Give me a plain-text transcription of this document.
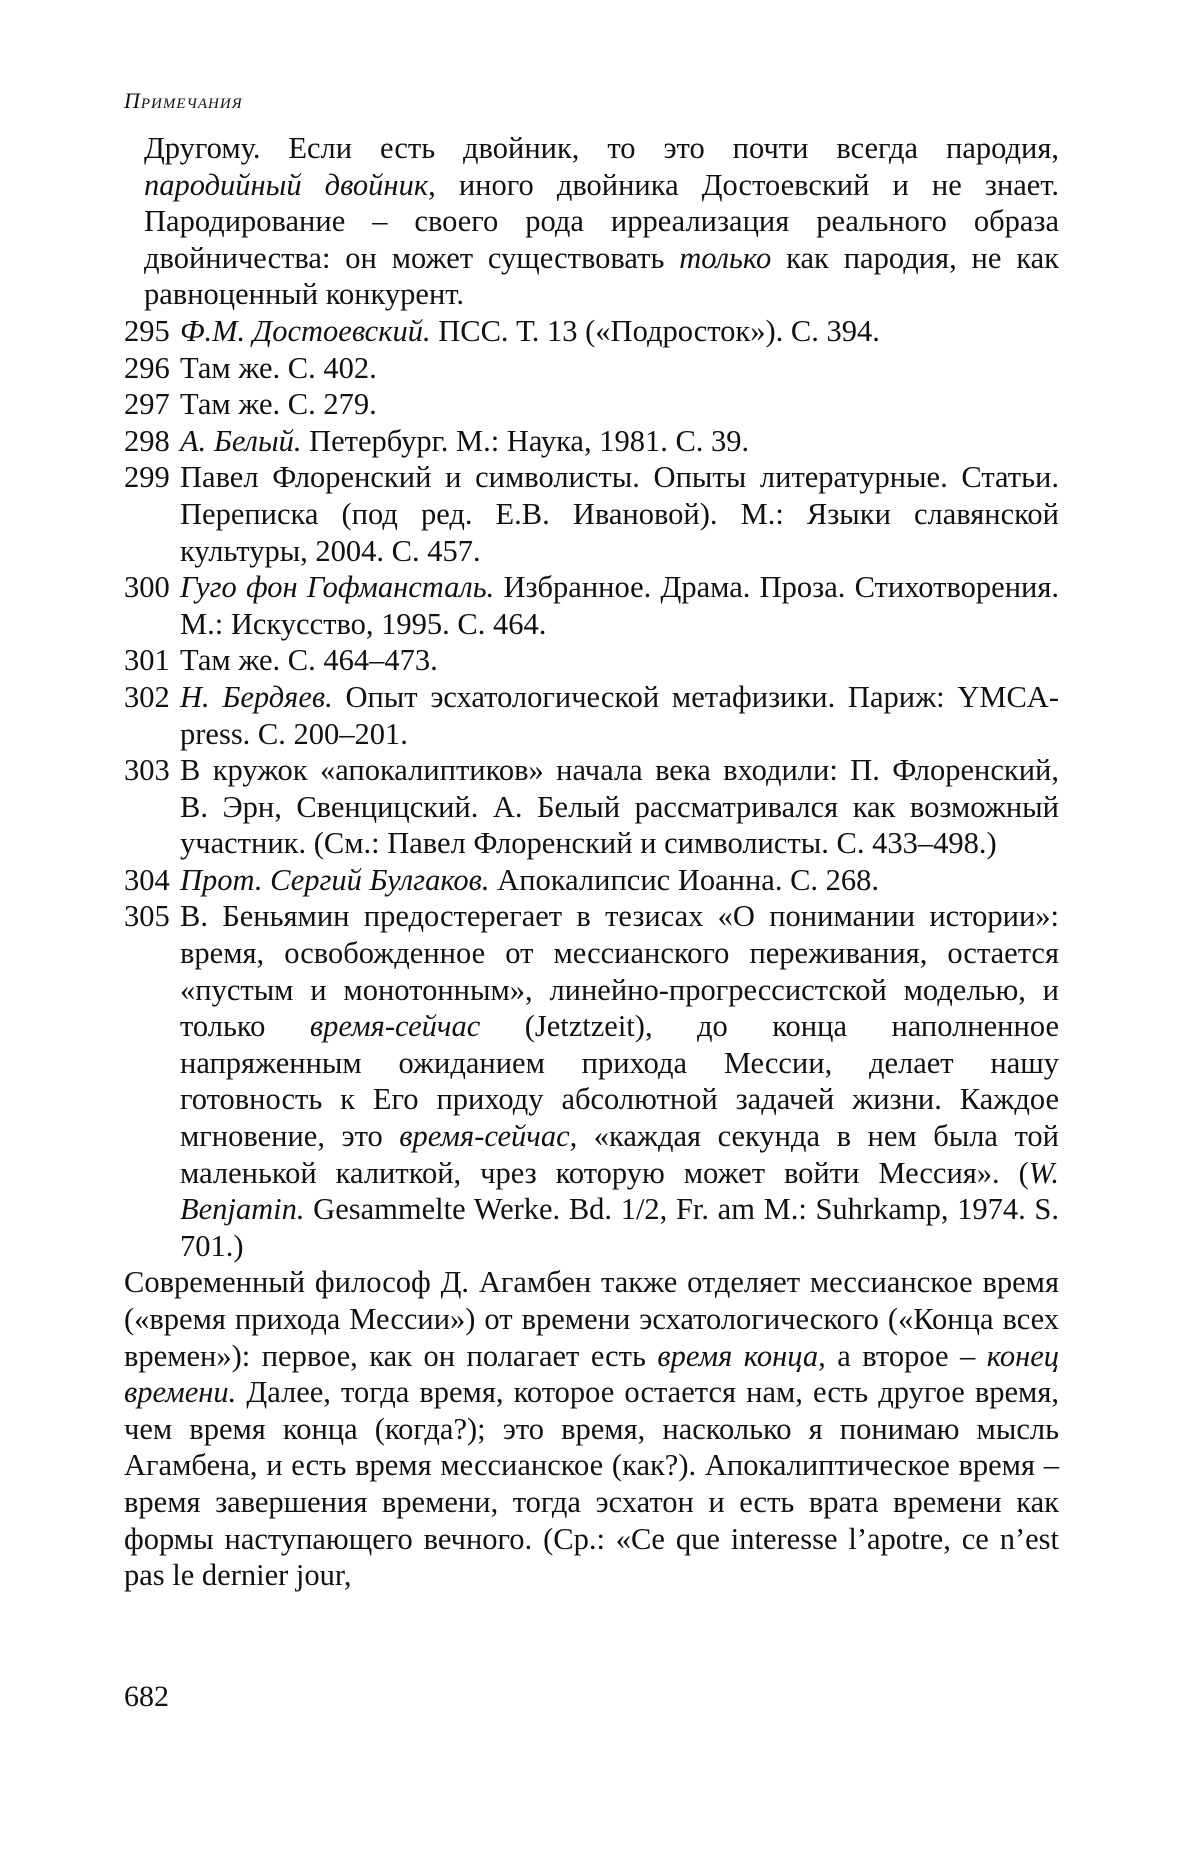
Примечания
Другому. Если есть двойник, то это почти всегда пародия, пародийный двойник, иного двойника Достоевский и не знает. Пародирование – своего рода ирреализация реального образа двойничества: он может существовать только как пародия, не как равноценный конкурент.
295 Ф.М. Достоевский. ПСС. Т. 13 («Подросток»). С. 394.
296 Там же. С. 402.
297 Там же. С. 279.
298 А. Белый. Петербург. М.: Наука, 1981. С. 39.
299 Павел Флоренский и символисты. Опыты литературные. Статьи. Переписка (под ред. Е.В. Ивановой). М.: Языки славянской культуры, 2004. С. 457.
300 Гуго фон Гофмансталь. Избранное. Драма. Проза. Стихотворения. М.: Искусство, 1995. С. 464.
301 Там же. С. 464–473.
302 Н. Бердяев. Опыт эсхатологической метафизики. Париж: YMCA-press. С. 200–201.
303 В кружок «апокалиптиков» начала века входили: П. Флоренский, В. Эрн, Свенцицский. А. Белый рассматривался как возможный участник. (См.: Павел Флоренский и символисты. С. 433–498.)
304 Прот. Сергий Булгаков. Апокалипсис Иоанна. С. 268.
305 В. Беньямин предостерегает в тезисах «О понимании истории»: время, освобожденное от мессианского переживания, остается «пустым и монотонным», линейно-прогрессистской моделью, и только время-сейчас (Jetztzeit), до конца наполненное напряженным ожиданием прихода Мессии, делает нашу готовность к Его приходу абсолютной задачей жизни. Каждое мгновение, это время-сейчас, «каждая секунда в нем была той маленькой калиткой, чрез которую может войти Мессия». (W. Benjamin. Gesammelte Werke. Bd. 1/2, Fr. am M.: Suhrkamp, 1974. S. 701.)
Современный философ Д. Агамбен также отделяет мессианское время («время прихода Мессии») от времени эсхатологического («Конца всех времен»): первое, как он полагает есть время конца, а второе – конец времени. Далее, тогда время, которое остается нам, есть другое время, чем время конца (когда?); это время, насколько я понимаю мысль Агамбена, и есть время мессианское (как?). Апокалиптическое время – время завершения времени, тогда эсхатон и есть врата времени как формы наступающего вечного. (Ср.: «Ce que interesse l’apotre, ce n’est pas le dernier jour,
682
